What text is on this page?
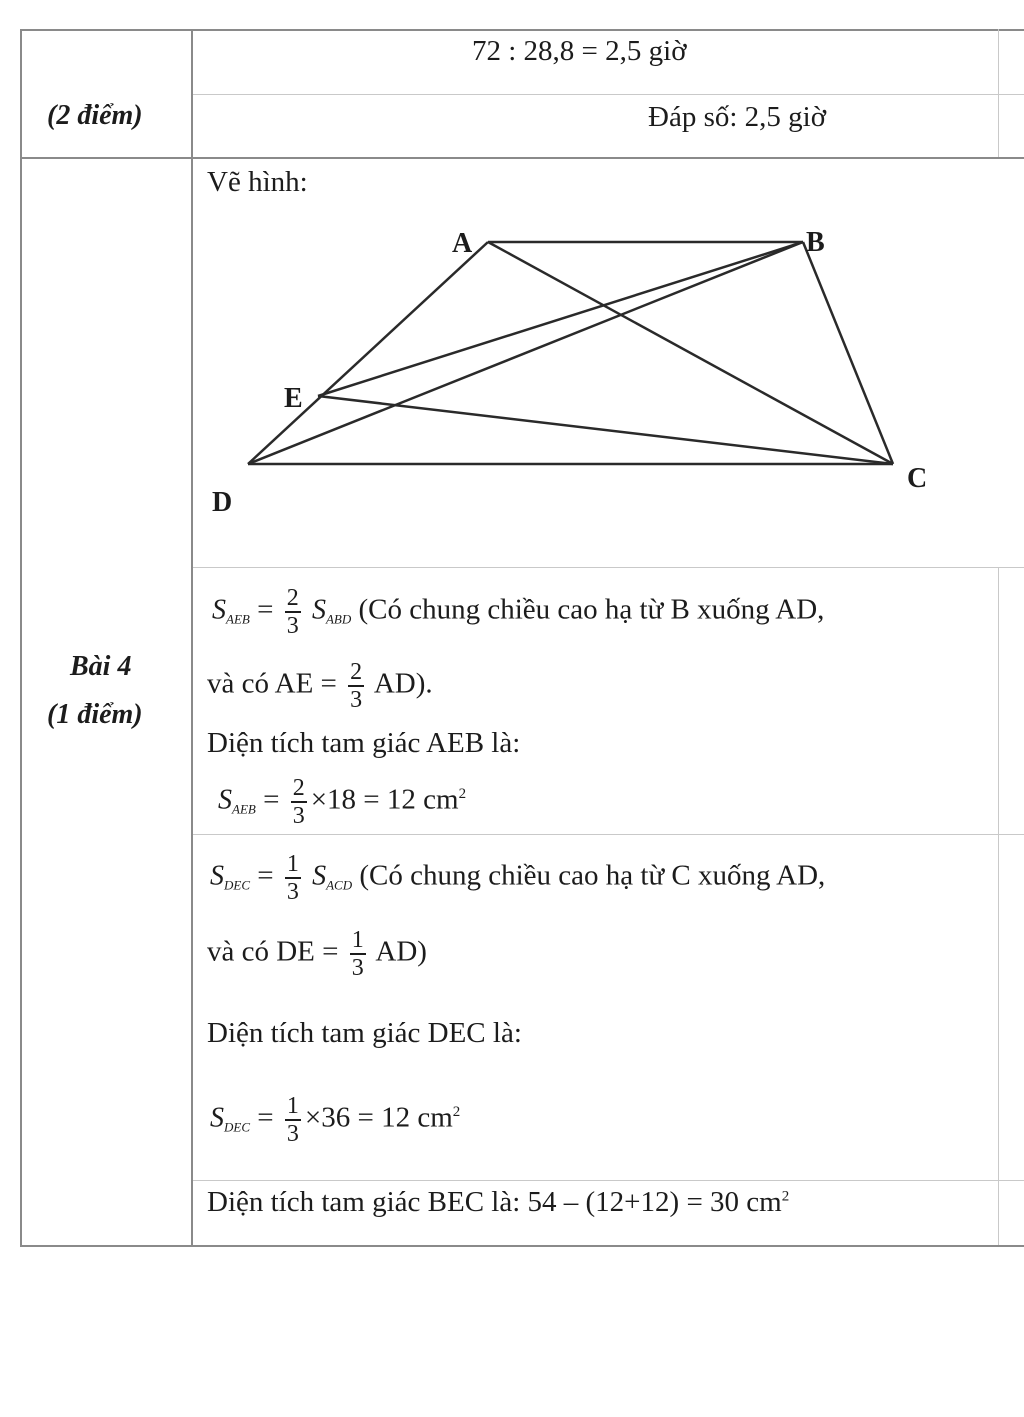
72 : 28,8 = 2,5 giờ
(2 điểm)	Đáp số: 2,5 giờ
Bài 4
(1 điểm)
Vẽ hình:
A	B
C
D
E
$S_{AEB} = \frac{2}{3} S_{ABD}$ (Có chung chiều cao hạ từ B xuống AD,
và có AE = $\frac{2}{3} AD$).
Diện tích tam giác AEB là:
$S_{AEB} = \frac{2}{3} \times 18 = 12$ $cm^2$
$S_{DEC} = \frac{1}{3} S_{ACD}$ (Có chung chiều cao hạ từ C xuống AD,
và có DE = $\frac{1}{3} AD$)
Diện tích tam giác DEC là:
$S_{DEC} = \frac{1}{3} \times 36 = 12$ $cm^2$
Diện tích tam giác BEC là: 54 – (12+12) = 30 $cm^2$
